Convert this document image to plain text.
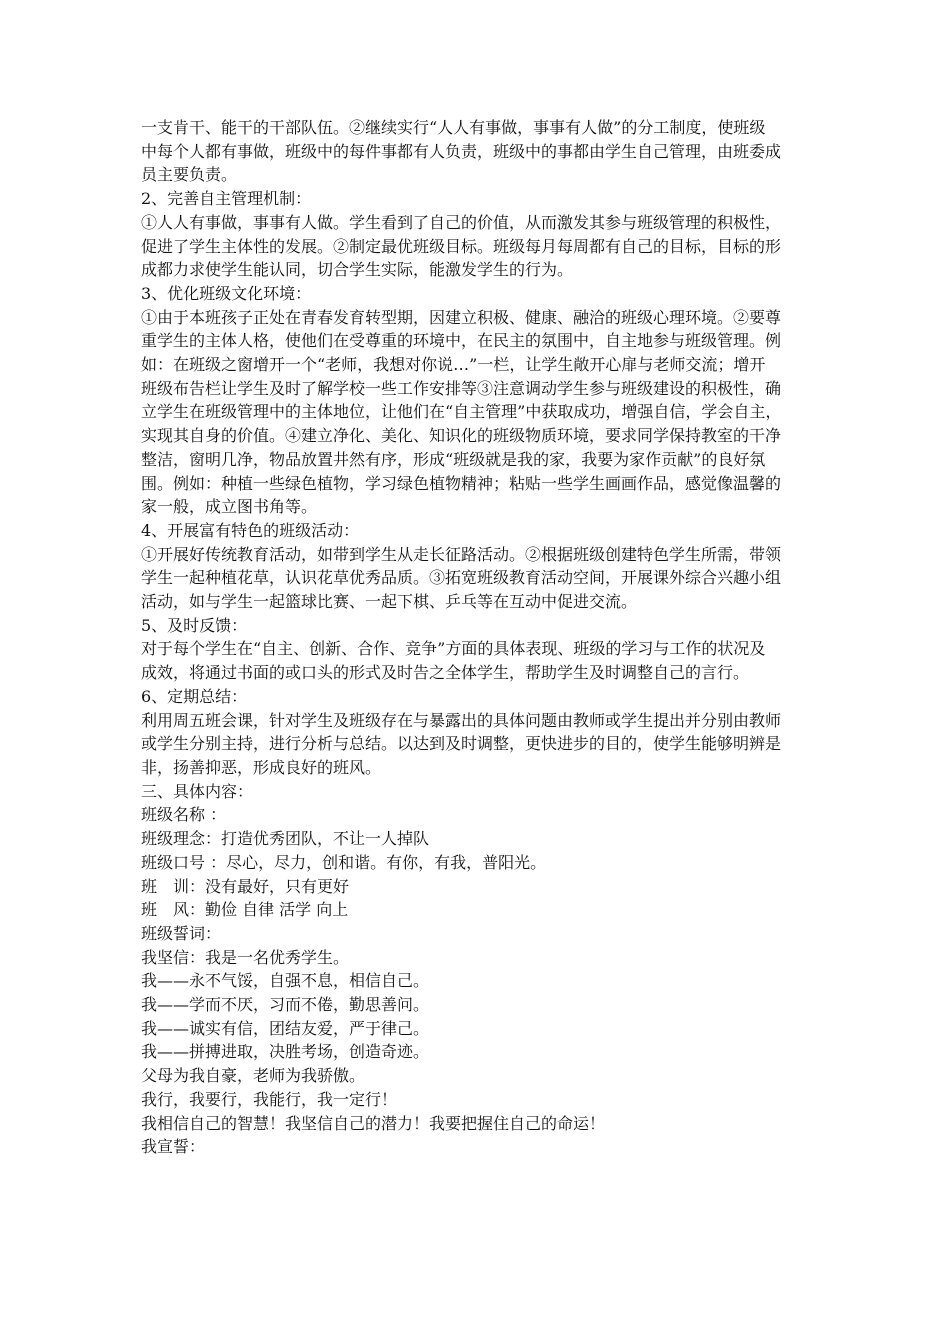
一支肯干、能干的干部队伍。②继续实行“人人有事做，事事有人做”的分工制度，使班级

中每个人都有事做，班级中的每件事都有人负责，班级中的事都由学生自己管理，由班委成

员主要负责。

2、完善自主管理机制：

①人人有事做，事事有人做。学生看到了自己的价值，从而激发其参与班级管理的积极性，

促进了学生主体性的发展。②制定最优班级目标。班级每月每周都有自己的目标，目标的形

成都力求使学生能认同，切合学生实际，能激发学生的行为。

3、优化班级文化环境：

①由于本班孩子正处在青春发育转型期，因建立积极、健康、融洽的班级心理环境。②要尊

重学生的主体人格，使他们在受尊重的环境中，在民主的氛围中，自主地参与班级管理。例

如：在班级之窗增开一个“老师，我想对你说…”一栏，让学生敞开心扉与老师交流；增开

班级布告栏让学生及时了解学校一些工作安排等③注意调动学生参与班级建设的积极性，确

立学生在班级管理中的主体地位，让他们在“自主管理”中获取成功，增强自信，学会自主，

实现其自身的价值。④建立净化、美化、知识化的班级物质环境，要求同学保持教室的干净

整洁，窗明几净，物品放置井然有序，形成“班级就是我的家，我要为家作贡献”的良好氛

围。例如：种植一些绿色植物，学习绿色植物精神；粘贴一些学生画画作品，感觉像温馨的

家一般，成立图书角等。

4、开展富有特色的班级活动：

①开展好传统教育活动，如带到学生从走长征路活动。②根据班级创建特色学生所需，带领

学生一起种植花草，认识花草优秀品质。③拓宽班级教育活动空间，开展课外综合兴趣小组

活动，如与学生一起篮球比赛、一起下棋、乒乓等在互动中促进交流。

5、及时反馈：

对于每个学生在“自主、创新、合作、竞争”方面的具体表现、班级的学习与工作的状况及

成效，将通过书面的或口头的形式及时告之全体学生，帮助学生及时调整自己的言行。

6、定期总结：

利用周五班会课，针对学生及班级存在与暴露出的具体问题由教师或学生提出并分别由教师

或学生分别主持，进行分析与总结。以达到及时调整，更快进步的目的，使学生能够明辨是

非，扬善抑恶，形成良好的班风。

三、具体内容：

班级名称 ：

班级理念：打造优秀团队，不让一人掉队

班级口号 ：尽心，尽力，创和谐。有你，有我，普阳光。

班　训：没有最好，只有更好

班　风：勤俭 自律 活学 向上

班级誓词：

我坚信：我是一名优秀学生。

我——永不气馁，自强不息，相信自己。

我——学而不厌，习而不倦，勤思善问。

我——诚实有信，团结友爱，严于律己。

我——拼搏进取，决胜考场，创造奇迹。

父母为我自豪，老师为我骄傲。

我行，我要行，我能行，我一定行！

我相信自己的智慧！我坚信自己的潜力！我要把握住自己的命运！

我宣誓：
